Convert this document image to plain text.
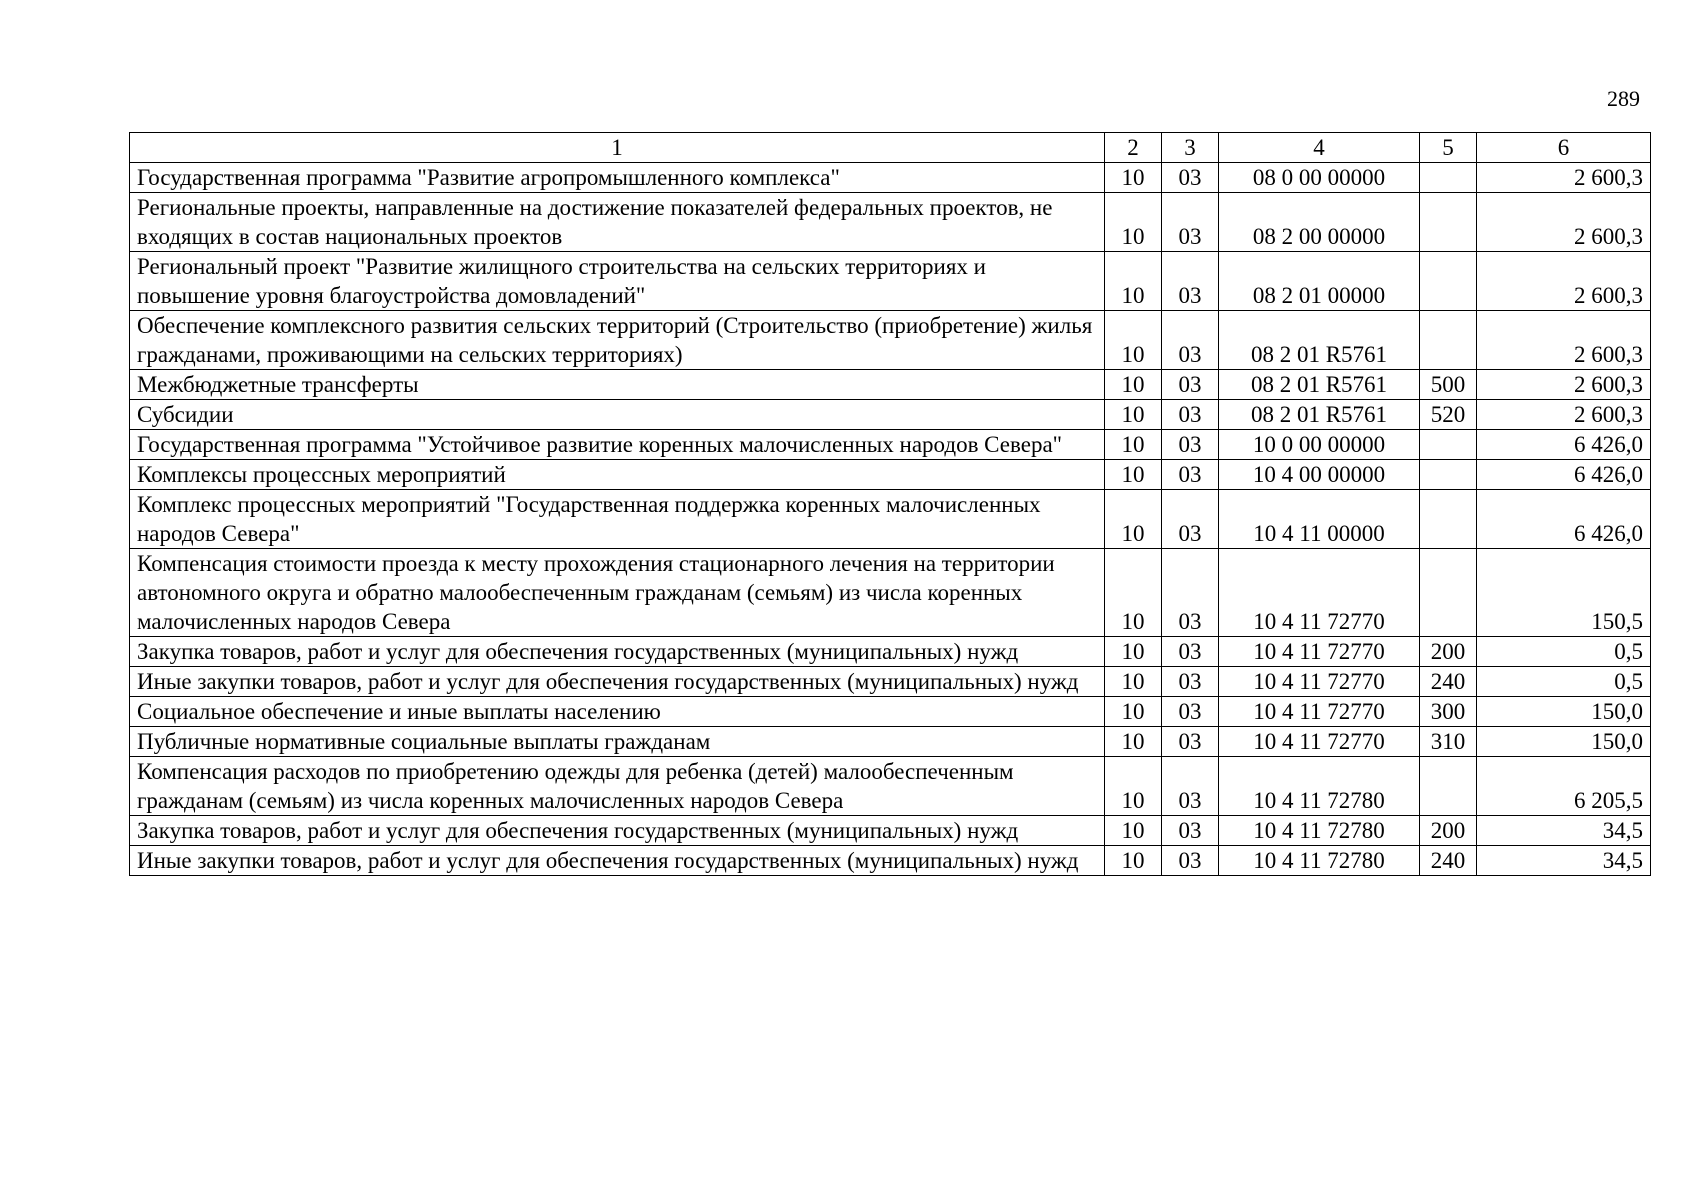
289
1	2	3	4	5	6
Государственная программа "Развитие агропромышленного комплекса"	10	03	08 0 00 00000		2 600,3
Региональные проекты, направленные на достижение показателей федеральных проектов, не входящих в состав национальных проектов	10	03	08 2 00 00000		2 600,3
Региональный проект "Развитие жилищного строительства на сельских территориях и повышение уровня благоустройства домовладений"	10	03	08 2 01 00000		2 600,3
Обеспечение комплексного развития сельских территорий (Строительство (приобретение) жилья гражданами, проживающими на сельских территориях)	10	03	08 2 01 R5761		2 600,3
Межбюджетные трансферты	10	03	08 2 01 R5761	500	2 600,3
Субсидии	10	03	08 2 01 R5761	520	2 600,3
Государственная программа "Устойчивое развитие коренных малочисленных народов Севера"	10	03	10 0 00 00000		6 426,0
Комплексы процессных мероприятий	10	03	10 4 00 00000		6 426,0
Комплекс процессных мероприятий "Государственная поддержка коренных малочисленных народов Севера"	10	03	10 4 11 00000		6 426,0
Компенсация стоимости проезда к месту прохождения стационарного лечения на территории автономного округа и обратно малообеспеченным гражданам (семьям) из числа коренных малочисленных народов Севера	10	03	10 4 11 72770		150,5
Закупка товаров, работ и услуг для обеспечения государственных (муниципальных) нужд	10	03	10 4 11 72770	200	0,5
Иные закупки товаров, работ и услуг для обеспечения государственных (муниципальных) нужд	10	03	10 4 11 72770	240	0,5
Социальное обеспечение и иные выплаты населению	10	03	10 4 11 72770	300	150,0
Публичные нормативные социальные выплаты гражданам	10	03	10 4 11 72770	310	150,0
Компенсация расходов по приобретению одежды для ребенка (детей) малообеспеченным гражданам (семьям) из числа коренных малочисленных народов Севера	10	03	10 4 11 72780		6 205,5
Закупка товаров, работ и услуг для обеспечения государственных (муниципальных) нужд	10	03	10 4 11 72780	200	34,5
Иные закупки товаров, работ и услуг для обеспечения государственных (муниципальных) нужд	10	03	10 4 11 72780	240	34,5
